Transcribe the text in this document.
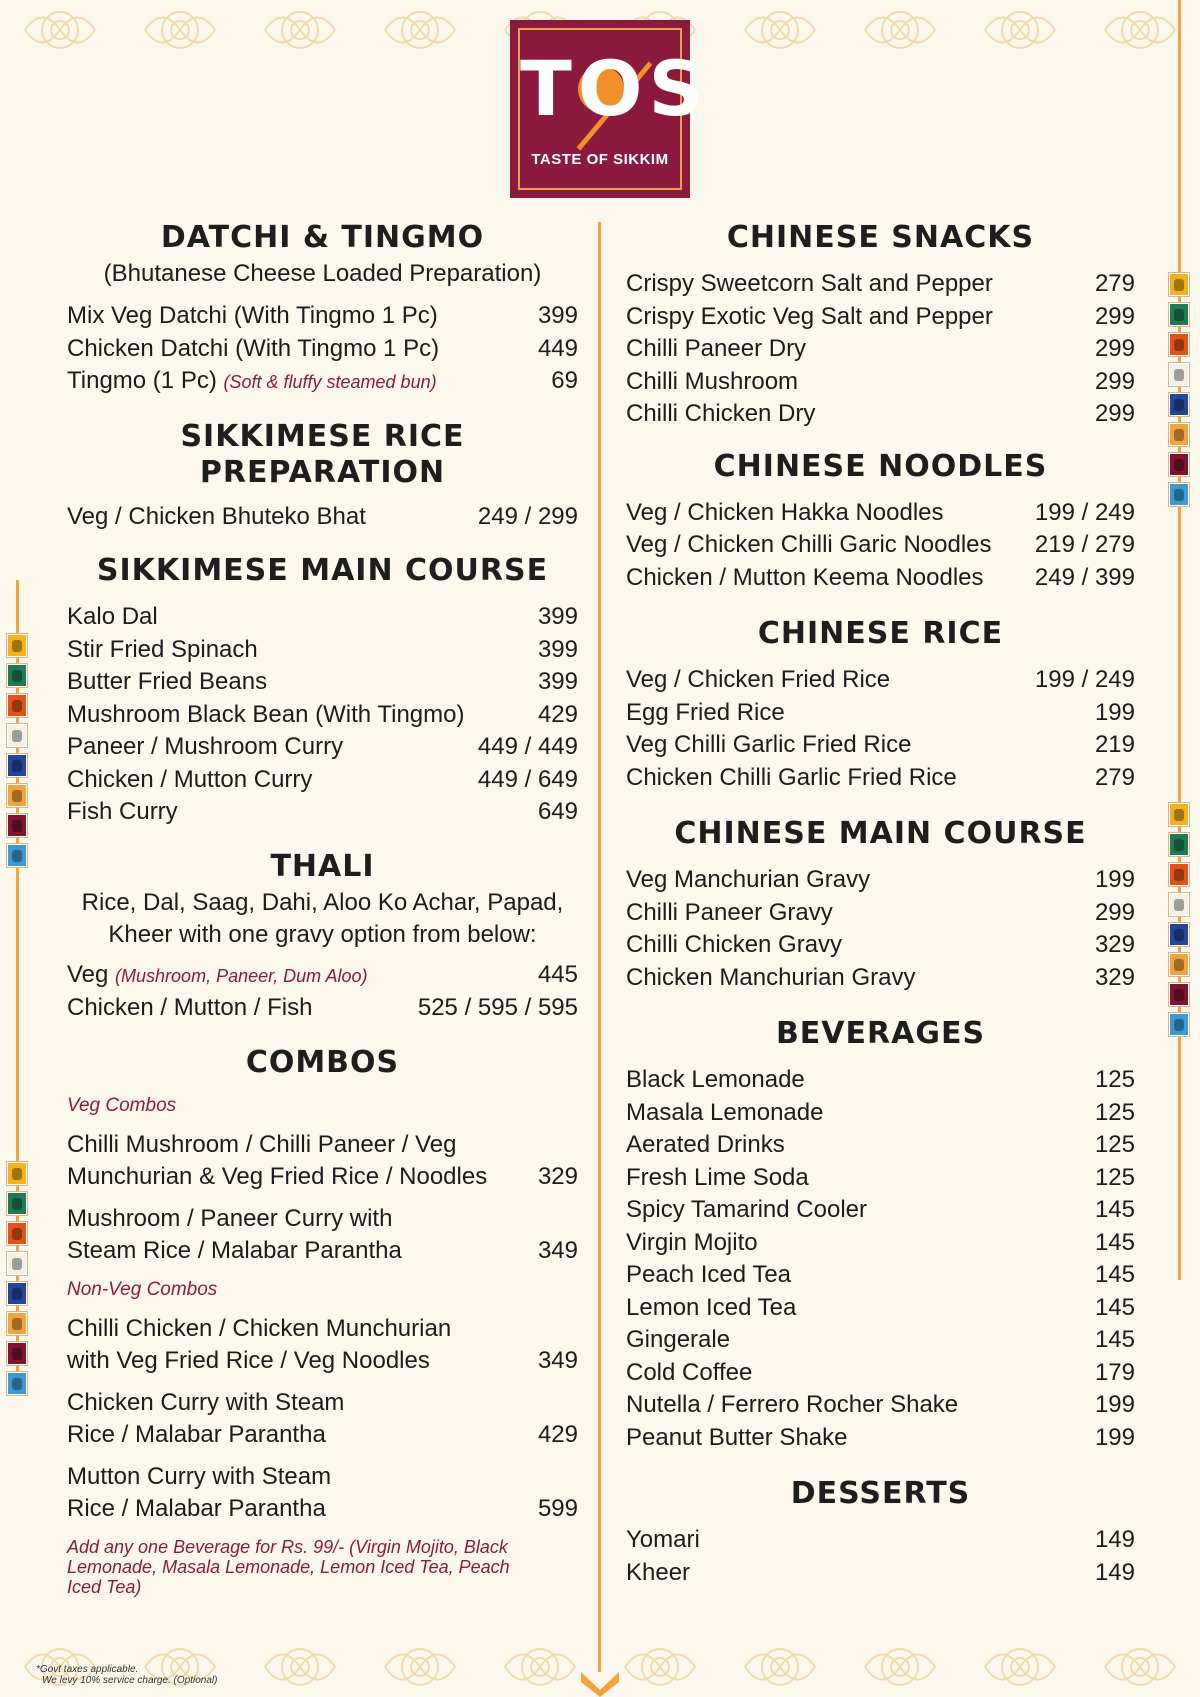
TOS
TASTE OF SIKKIM
DATCHI & TINGMO
(Bhutanese Cheese Loaded Preparation)
Mix Veg Datchi (With Tingmo 1 Pc)	399
Chicken Datchi (With Tingmo 1 Pc)	449
Tingmo (1 Pc) (Soft & fluffy steamed bun)	69
SIKKIMESE RICE PREPARATION
Veg / Chicken Bhuteko Bhat	249 / 299
SIKKIMESE MAIN COURSE
Kalo Dal	399
Stir Fried Spinach	399
Butter Fried Beans	399
Mushroom Black Bean (With Tingmo)	429
Paneer / Mushroom Curry	449 / 449
Chicken / Mutton Curry	449 / 649
Fish Curry	649
THALI
Rice, Dal, Saag, Dahi, Aloo Ko Achar, Papad, Kheer with one gravy option from below:
Veg (Mushroom, Paneer, Dum Aloo)	445
Chicken / Mutton / Fish	525 / 595 / 595
COMBOS
Veg Combos
Chilli Mushroom / Chilli Paneer / Veg
Munchurian & Veg Fried Rice / Noodles 329
Mushroom / Paneer Curry with
Steam Rice / Malabar Parantha	349
Non-Veg Combos
Chilli Chicken / Chicken Munchurian
with Veg Fried Rice / Veg Noodles	349
Chicken Curry with Steam
Rice / Malabar Parantha	429
Mutton Curry with Steam
Rice / Malabar Parantha	599
Add any one Beverage for Rs. 99/- (Virgin Mojito, Black Lemonade, Masala Lemonade, Lemon Iced Tea, Peach Iced Tea)
CHINESE SNACKS
Crispy Sweetcorn Salt and Pepper	279
Crispy Exotic Veg Salt and Pepper	299
Chilli Paneer Dry	299
Chilli Mushroom	299
Chilli Chicken Dry	299
CHINESE NOODLES
Veg / Chicken Hakka Noodles	199 / 249
Veg / Chicken Chilli Garic Noodles 219 / 279
Chicken / Mutton Keema Noodles 249 / 399
CHINESE RICE
Veg / Chicken Fried Rice	199 / 249
Egg Fried Rice	199
Veg Chilli Garlic Fried Rice	219
Chicken Chilli Garlic Fried Rice	279
CHINESE MAIN COURSE
Veg Manchurian Gravy	199
Chilli Paneer Gravy	299
Chilli Chicken Gravy	329
Chicken Manchurian Gravy	329
BEVERAGES
Black Lemonade	125
Masala Lemonade	125
Aerated Drinks	125
Fresh Lime Soda	125
Spicy Tamarind Cooler	145
Virgin Mojito	145
Peach Iced Tea	145
Lemon Iced Tea	145
Gingerale	145
Cold Coffee	179
Nutella / Ferrero Rocher Shake	199
Peanut Butter Shake	199
DESSERTS
Yomari	149
Kheer	149
*Govt taxes applicable.
We levy 10% service charge. (Optional)
